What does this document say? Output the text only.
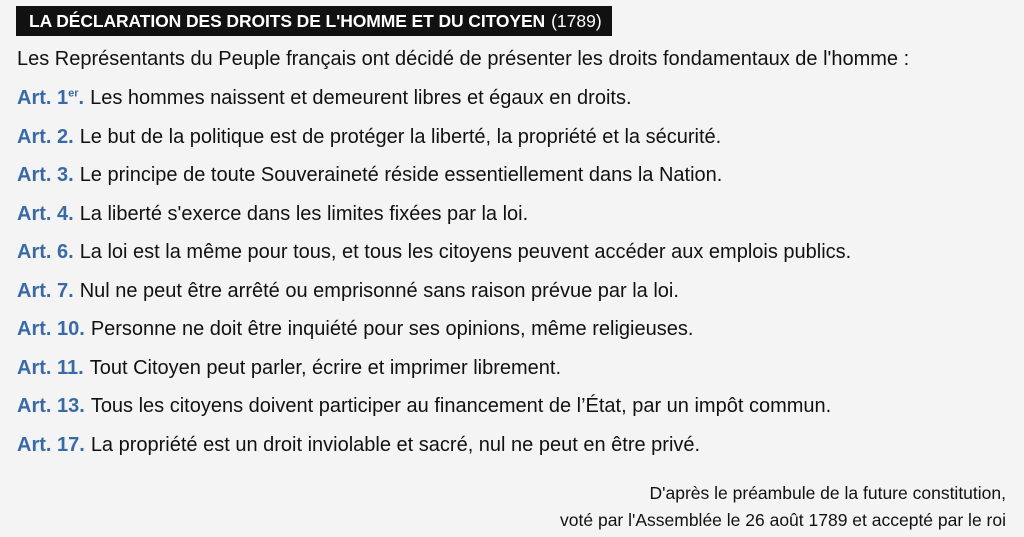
LA DÉCLARATION DES DROITS DE L'HOMME ET DU CITOYEN (1789)
Les Représentants du Peuple français ont décidé de présenter les droits fondamentaux de l'homme :
Art. 1er. Les hommes naissent et demeurent libres et égaux en droits.
Art. 2. Le but de la politique est de protéger la liberté, la propriété et la sécurité.
Art. 3. Le principe de toute Souveraineté réside essentiellement dans la Nation.
Art. 4. La liberté s'exerce dans les limites fixées par la loi.
Art. 6. La loi est la même pour tous, et tous les citoyens peuvent accéder aux emplois publics.
Art. 7. Nul ne peut être arrêté ou emprisonné sans raison prévue par la loi.
Art. 10. Personne ne doit être inquiété pour ses opinions, même religieuses.
Art. 11. Tout Citoyen peut parler, écrire et imprimer librement.
Art. 13. Tous les citoyens doivent participer au financement de l’État, par un impôt commun.
Art. 17. La propriété est un droit inviolable et sacré, nul ne peut en être privé.
D'après le préambule de la future constitution,
voté par l'Assemblée le 26 août 1789 et accepté par le roi
